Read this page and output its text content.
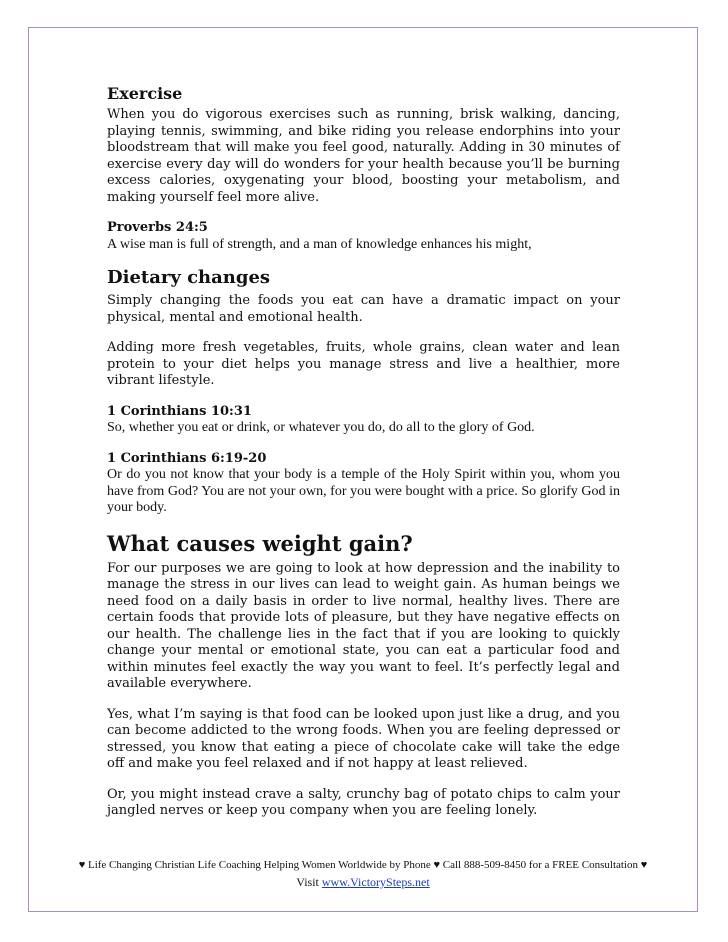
Exercise

When you do vigorous exercises such as running, brisk walking, dancing, playing tennis, swimming, and bike riding you release endorphins into your bloodstream that will make you feel good, naturally. Adding in 30 minutes of exercise every day will do wonders for your health because you’ll be burning excess calories, oxygenating your blood, boosting your metabolism, and making yourself feel more alive.

Proverbs 24:5
A wise man is full of strength, and a man of knowledge enhances his might,
Dietary changes

Simply changing the foods you eat can have a dramatic impact on your physical, mental and emotional health.

Adding more fresh vegetables, fruits, whole grains, clean water and lean protein to your diet helps you manage stress and live a healthier, more vibrant lifestyle.

1 Corinthians 10:31
So, whether you eat or drink, or whatever you do, do all to the glory of God.
1 Corinthians 6:19-20
Or do you not know that your body is a temple of the Holy Spirit within you, whom you have from God? You are not your own, for you were bought with a price. So glorify God in your body.
What causes weight gain?

For our purposes we are going to look at how depression and the inability to manage the stress in our lives can lead to weight gain. As human beings we need food on a daily basis in order to live normal, healthy lives. There are certain foods that provide lots of pleasure, but they have negative effects on our health. The challenge lies in the fact that if you are looking to quickly change your mental or emotional state, you can eat a particular food and within minutes feel exactly the way you want to feel. It’s perfectly legal and available everywhere.

Yes, what I’m saying is that food can be looked upon just like a drug, and you can become addicted to the wrong foods. When you are feeling depressed or stressed, you know that eating a piece of chocolate cake will take the edge off and make you feel relaxed and if not happy at least relieved.

Or, you might instead crave a salty, crunchy bag of potato chips to calm your jangled nerves or keep you company when you are feeling lonely.

♥ Life Changing Christian Life Coaching Helping Women Worldwide by Phone ♥ Call 888-509-8450 for a FREE Consultation ♥
Visit www.VictorySteps.net
